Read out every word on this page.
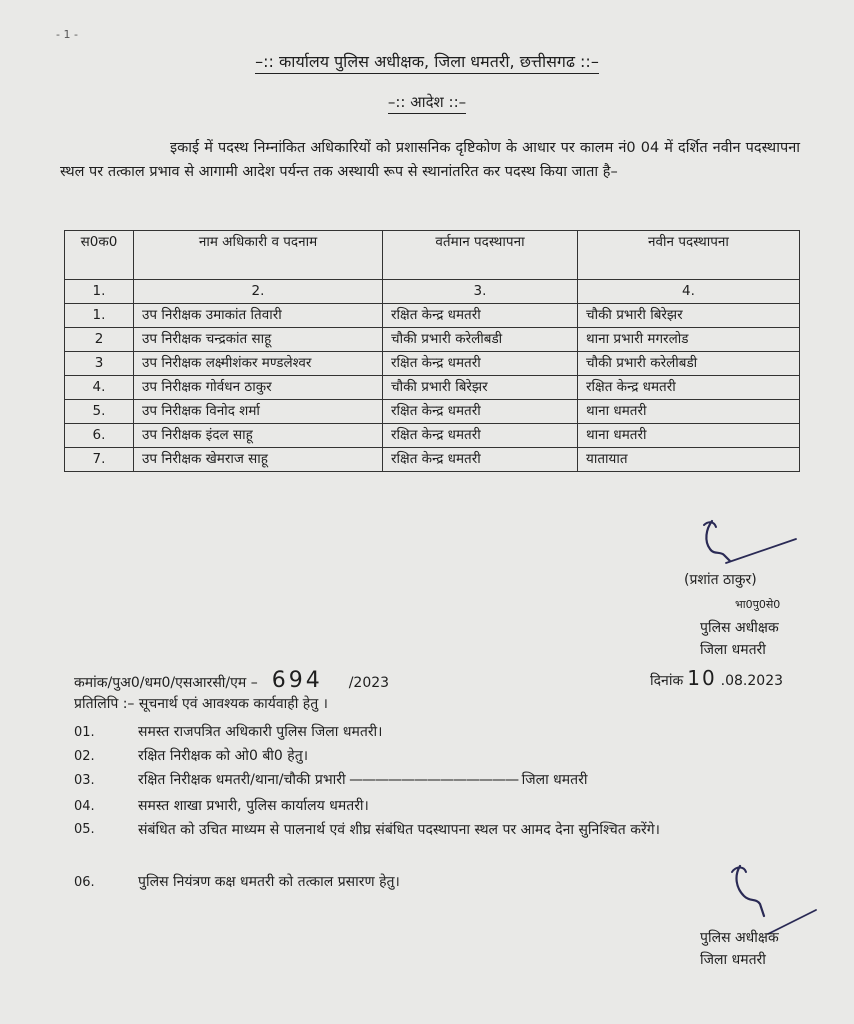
- 1 -
–:: कार्यालय पुलिस अधीक्षक, जिला धमतरी, छत्तीसगढ ::–
–:: आदेश ::–
इकाई में पदस्थ निम्नांकित अधिकारियों को प्रशासनिक दृष्टिकोण के आधार पर कालम नं0 04 में दर्शित नवीन पदस्थापना स्थल पर तत्काल प्रभाव से आगामी आदेश पर्यन्त तक अस्थायी रूप से स्थानांतरित कर पदस्थ किया जाता है–
स0क0	नाम अधिकारी व पदनाम	वर्तमान पदस्थापना	नवीन पदस्थापना
1.	2.	3.	4.
1.	उप निरीक्षक उमाकांत तिवारी	रक्षित केन्द्र धमतरी	चौकी प्रभारी बिरेझर
2	उप निरीक्षक चन्द्रकांत साहू	चौकी प्रभारी करेलीबडी	थाना प्रभारी मगरलोड
3	उप निरीक्षक लक्ष्मीशंकर मण्डलेश्वर	रक्षित केन्द्र धमतरी	चौकी प्रभारी करेलीबडी
4.	उप निरीक्षक गोर्वधन ठाकुर	चौकी प्रभारी बिरेझर	रक्षित केन्द्र धमतरी
5.	उप निरीक्षक विनोद शर्मा	रक्षित केन्द्र धमतरी	थाना धमतरी
6.	उप निरीक्षक इंदल साहू	रक्षित केन्द्र धमतरी	थाना धमतरी
7.	उप निरीक्षक खेमराज साहू	रक्षित केन्द्र धमतरी	यातायात
(प्रशांत ठाकुर)
भा0पु0से0
पुलिस अधीक्षक
जिला धमतरी
कमांक/पुअ0/धम0/एसआरसी/एम – 694 /2023	दिनांक 10 .08.2023
प्रतिलिपि :– सूचनार्थ एवं आवश्यक कार्यवाही हेतु ।
01.	समस्त राजपत्रित अधिकारी पुलिस जिला धमतरी।
02.	रक्षित निरीक्षक को ओ0 बी0 हेतु।
03.	रक्षित निरीक्षक धमतरी/थाना/चौकी प्रभारी ————————————— जिला धमतरी
04.	समस्त शाखा प्रभारी, पुलिस कार्यालय धमतरी।
05.	संबंधित को उचित माध्यम से पालनार्थ एवं शीघ्र संबंधित पदस्थापना स्थल पर आमद देना सुनिश्चित करेंगे।
06.	पुलिस नियंत्रण कक्ष धमतरी को तत्काल प्रसारण हेतु।
पुलिस अधीक्षक
जिला धमतरी
